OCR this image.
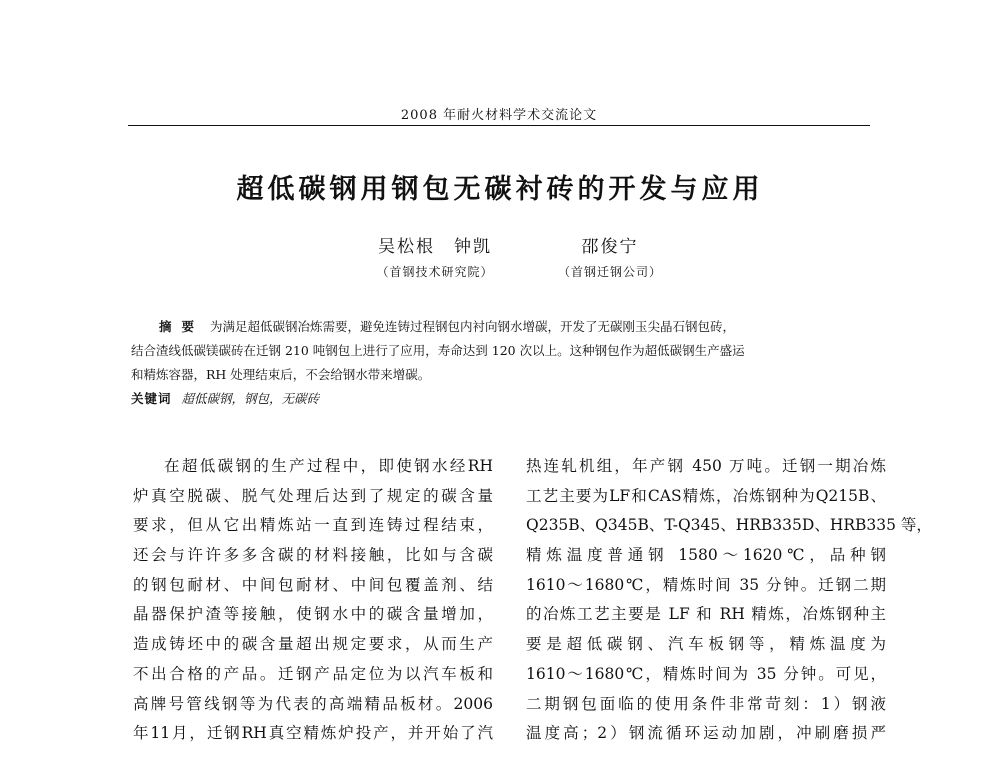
2008 年耐火材料学术交流论文
超低碳钢用钢包无碳衬砖的开发与应用
吴松根　钟凯
（首钢技术研究院）
邵俊宁
（首钢迁钢公司）

摘要 为满足超低碳钢冶炼需要，避免连铸过程钢包内衬向钢水增碳，开发了无碳刚玉尖晶石钢包砖，

结合渣线低碳镁碳砖在迁钢 210 吨钢包上进行了应用，寿命达到 120 次以上。这种钢包作为超低碳钢生产盛运

和精炼容器，RH 处理结束后，不会给钢水带来增碳。

关键词 超低碳钢，钢包，无碳砖

在超低碳钢的生产过程中，即使钢水经RH
炉真空脱碳、脱气处理后达到了规定的碳含量
要求，但从它出精炼站一直到连铸过程结束，
还会与许许多多含碳的材料接触，比如与含碳
的钢包耐材、中间包耐材、中间包覆盖剂、结
晶器保护渣等接触，使钢水中的碳含量增加，
造成铸坯中的碳含量超出规定要求，从而生产
不出合格的产品。迁钢产品定位为以汽车板和
高牌号管线钢等为代表的高端精品板材。2006
年11月，迁钢RH真空精炼炉投产，并开始了汽
热连轧机组，年产钢 450 万吨。迁钢一期冶炼
工艺主要为LF和CAS精炼，冶炼钢种为Q215B、
Q235B、Q345B、T-Q345、HRB335D、HRB335 等，
精炼温度普通钢 1580～1620℃，品种钢
1610～1680℃，精炼时间 35 分钟。迁钢二期
的冶炼工艺主要是 LF 和 RH 精炼，冶炼钢种主
要是超低碳钢、汽车板钢等，精炼温度为
1610～1680℃，精炼时间为 35 分钟。可见，
二期钢包面临的使用条件非常苛刻：1）钢液
温度高；2）钢流循环运动加剧，冲刷磨损严
